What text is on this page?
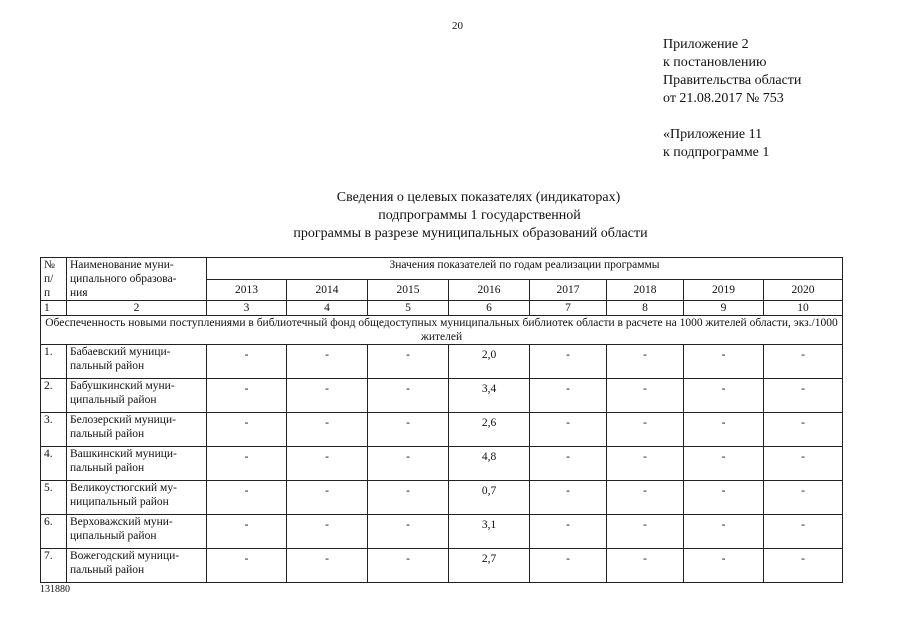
20
Приложение 2
к постановлению
Правительства области
от 21.08.2017 № 753
«Приложение 11
к подпрограмме 1
Сведения о целевых показателях (индикаторах)
подпрограммы 1 государственной
программы в разрезе муниципальных образований области
№
п/
п	Наименование муни-
ципального образова-
ния	Значения показателей по годам реализации программы							
		2013	2014	2015	2016	2017	2018	2019	2020
1	2	3	4	5	6	7	8	9	10
Обеспеченность новыми поступлениями в библиотечный фонд общедоступных муниципальных библиотек области в расчете на 1000 жителей области, экз./1000 жителей									
1.	Бабаевский муници-
пальный район	-	-	-	2,0	-	-	-	-
2.	Бабушкинский муни-
ципальный район	-	-	-	3,4	-	-	-	-
3.	Белозерский муници-
пальный район	-	-	-	2,6	-	-	-	-
4.	Вашкинский муници-
пальный район	-	-	-	4,8	-	-	-	-
5.	Великоустюгский му-
ниципальный район	-	-	-	0,7	-	-	-	-
6.	Верховажский муни-
ципальный район	-	-	-	3,1	-	-	-	-
7.	Вожегодский муници-
пальный район	-	-	-	2,7	-	-	-	-
131880
